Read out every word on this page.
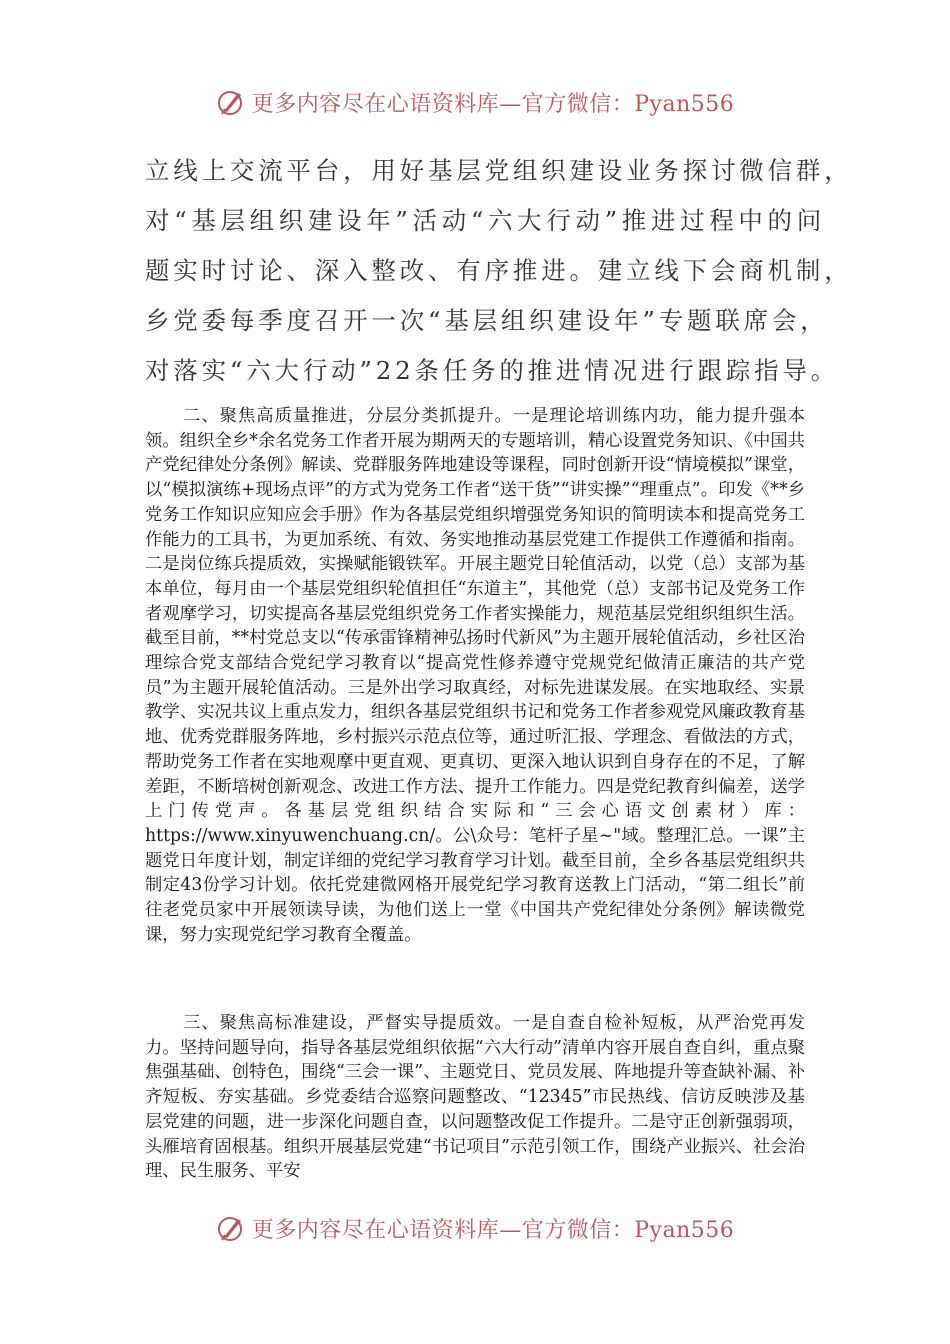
更多内容尽在心语资料库—官方微信：Pyan556

立线上交流平台，用好基层党组织建设业务探讨微信群，

对“基层组织建设年”活动“六大行动”推进过程中的问

题实时讨论、深入整改、有序推进。建立线下会商机制，

乡党委每季度召开一次“基层组织建设年”专题联席会，

对落实“六大行动”22条任务的推进情况进行跟踪指导。

二、聚焦高质量推进，分层分类抓提升。一是理论培训练内功，能力提升强本领。组织全乡*余名党务工作者开展为期两天的专题培训，精心设置党务知识、《中国共产党纪律处分条例》解读、党群服务阵地建设等课程，同时创新开设“情境模拟”课堂，以“模拟演练+现场点评”的方式为党务工作者“送干货”“讲实操”“理重点”。印发《**乡党务工作知识应知应会手册》作为各基层党组织增强党务知识的简明读本和提高党务工作能力的工具书，为更加系统、有效、务实地推动基层党建工作提供工作遵循和指南。二是岗位练兵提质效，实操赋能锻铁军。开展主题党日轮值活动，以党（总）支部为基本单位，每月由一个基层党组织轮值担任“东道主”，其他党（总）支部书记及党务工作者观摩学习，切实提高各基层党组织党务工作者实操能力，规范基层党组织组织生活。截至目前，**村党总支以“传承雷锋精神弘扬时代新风”为主题开展轮值活动，乡社区治理综合党支部结合党纪学习教育以“提高党性修养遵守党规党纪做清正廉洁的共产党员”为主题开展轮值活动。三是外出学习取真经，对标先进谋发展。在实地取经、实景教学、实况共议上重点发力，组织各基层党组织书记和党务工作者参观党风廉政教育基地、优秀党群服务阵地，乡村振兴示范点位等，通过听汇报、学理念、看做法的方式，帮助党务工作者在实地观摩中更直观、更真切、更深入地认识到自身存在的不足，了解差距，不断培树创新观念、改进工作方法、提升工作能力。四是党纪教育纠偏差，送学上门传党声。各基层党组织结合实际和“三会心语文创素材）库：https://www.xinyuwenchuang.cn/。公\众号：笔杆子星~"域。整理汇总。一课”主题党日年度计划，制定详细的党纪学习教育学习计划。截至目前，全乡各基层党组织共制定43份学习计划。依托党建微网格开展党纪学习教育送教上门活动，“第二组长”前往老党员家中开展领读导读，为他们送上一堂《中国共产党纪律处分条例》解读微党课，努力实现党纪学习教育全覆盖。

三、聚焦高标准建设，严督实导提质效。一是自查自检补短板，从严治党再发力。坚持问题导向，指导各基层党组织依据“六大行动”清单内容开展自查自纠，重点聚焦强基础、创特色，围绕“三会一课”、主题党日、党员发展、阵地提升等查缺补漏、补齐短板、夯实基础。乡党委结合巡察问题整改、“12345”市民热线、信访反映涉及基层党建的问题，进一步深化问题自查，以问题整改促工作提升。二是守正创新强弱项，头雁培育固根基。组织开展基层党建“书记项目”示范引领工作，围绕产业振兴、社会治理、民生服务、平安

更多内容尽在心语资料库—官方微信：Pyan556
